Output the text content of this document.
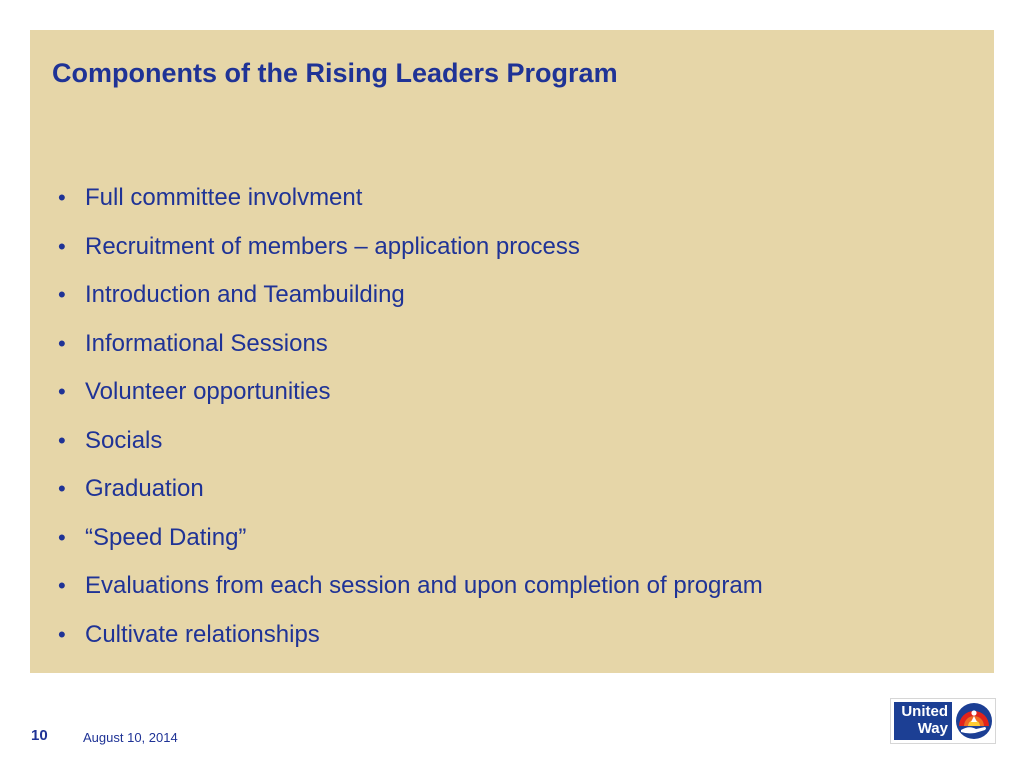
Components of the Rising Leaders Program
• Full committee involvment
• Recruitment of members – application process
• Introduction and Teambuilding
• Informational Sessions
• Volunteer opportunities
• Socials
• Graduation
• “Speed Dating”
• Evaluations from each session and upon completion of program
• Cultivate relationships
10	August 10, 2014
United
Way
